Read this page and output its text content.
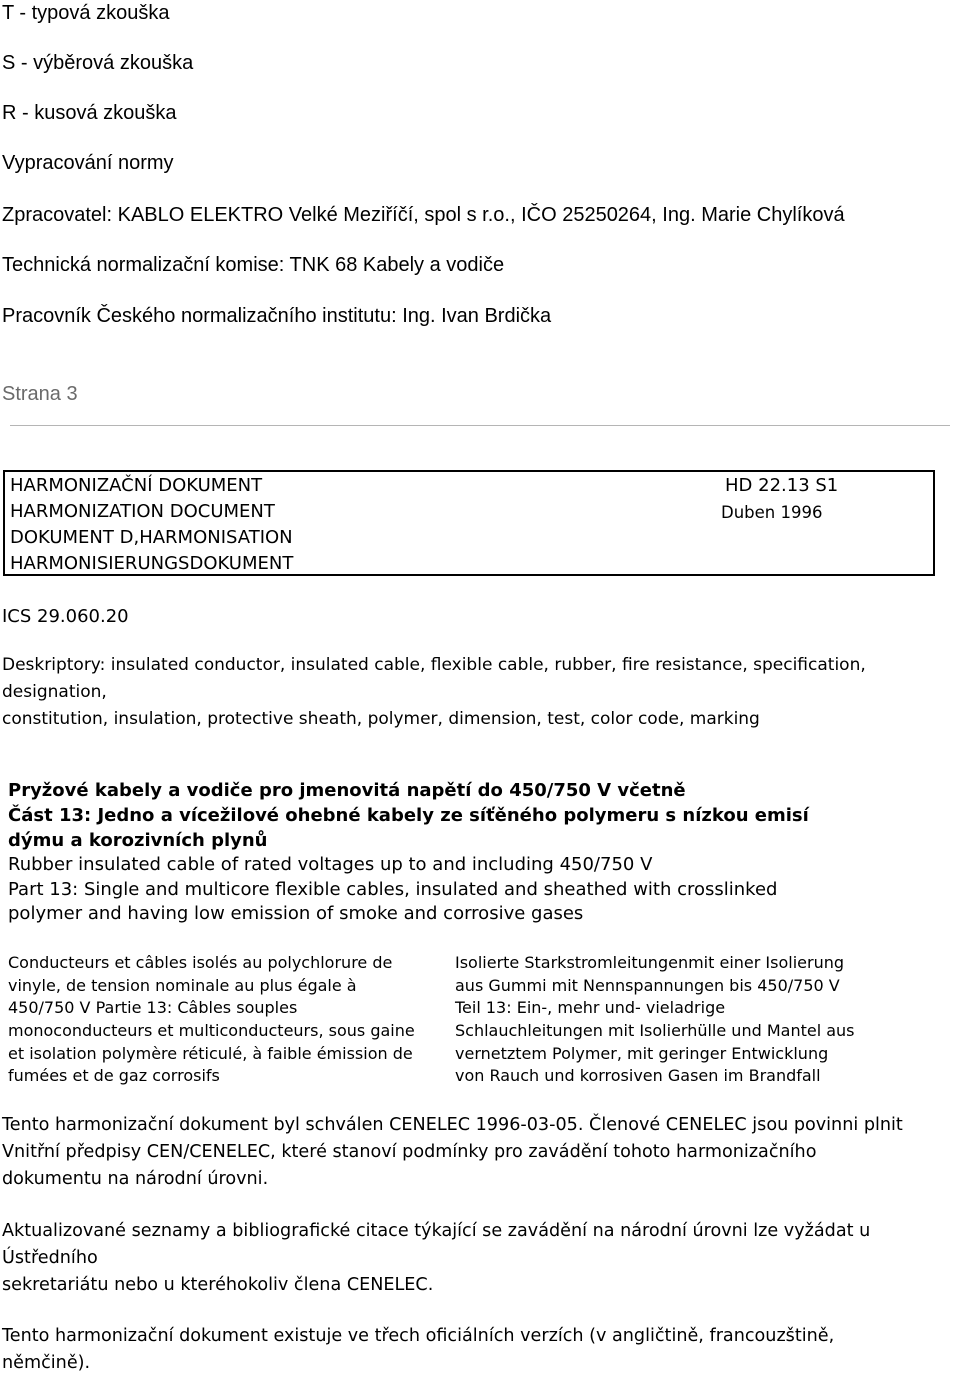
T - typová zkouška
S - výběrová zkouška
R - kusová zkouška
Vypracování normy
Zpracovatel: KABLO ELEKTRO Velké Meziříčí, spol s r.o., IČO 25250264, Ing. Marie Chylíková
Technická normalizační komise: TNK 68 Kabely a vodiče
Pracovník Českého normalizačního institutu: Ing. Ivan Brdička
Strana 3
HARMONIZAČNÍ DOKUMENT
HARMONIZATION DOCUMENT
DOKUMENT D,HARMONISATION
HARMONISIERUNGSDOKUMENT
HD 22.13 S1
Duben 1996
ICS 29.060.20
Deskriptory: insulated conductor, insulated cable, flexible cable, rubber, fire resistance, specification,
designation,
constitution, insulation, protective sheath, polymer, dimension, test, color code, marking
Pryžové kabely a vodiče pro jmenovitá napětí do 450/750 V včetně
Část 13: Jedno a vícežilové ohebné kabely ze síťěného polymeru s nízkou emisí
dýmu a korozivních plynů
Rubber insulated cable of rated voltages up to and including 450/750 V
Part 13: Single and multicore flexible cables, insulated and sheathed with crosslinked
polymer and having low emission of smoke and corrosive gases
Conducteurs et câbles isolés au polychlorure de
vinyle, de tension nominale au plus égale à
450/750 V Partie 13: Câbles souples
monoconducteurs et multiconducteurs, sous gaine
et isolation polymère réticulé, à faible émission de
fumées et de gaz corrosifs
Isolierte Starkstromleitungenmit einer Isolierung
aus Gummi mit Nennspannungen bis 450/750 V
Teil 13: Ein-, mehr und- vieladrige
Schlauchleitungen mit Isolierhülle und Mantel aus
vernetztem Polymer, mit geringer Entwicklung
von Rauch und korrosiven Gasen im Brandfall
Tento harmonizační dokument byl schválen CENELEC 1996-03-05. Členové CENELEC jsou povinni plnit
Vnitřní předpisy CEN/CENELEC, které stanoví podmínky pro zavádění tohoto harmonizačního
dokumentu na národní úrovni.
Aktualizované seznamy a bibliografické citace týkající se zavádění na národní úrovni lze vyžádat u
Ústředního
sekretariátu nebo u kteréhokoliv člena CENELEC.
Tento harmonizační dokument existuje ve třech oficiálních verzích (v angličtině, francouzštině,
němčině).
